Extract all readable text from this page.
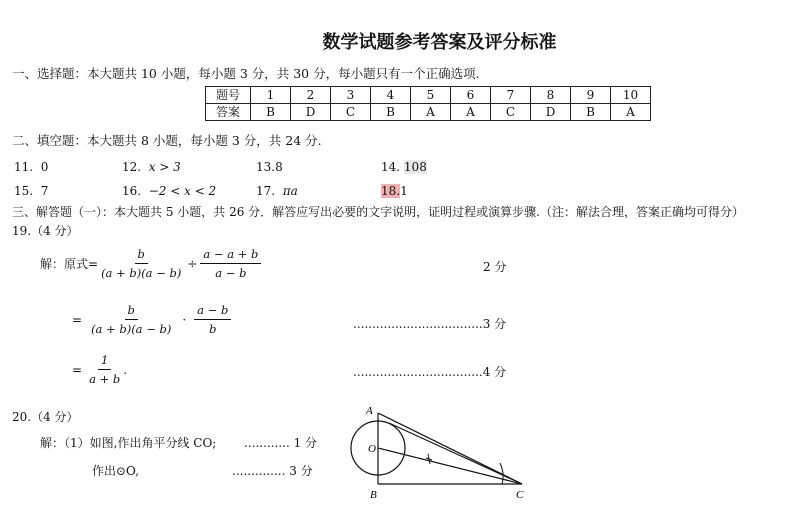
数学试题参考答案及评分标准
一、选择题：本大题共 10 小题，每小题 3 分，共 30 分，每小题只有一个正确选项.
题号	1	2	3	4	5	6	7	8	9	10
答案	B	D	C	B	A	A	C	D	B	A
二、填空题：本大题共 8 小题，每小题 3 分，共 24 分.
11. 0	12. x > 3	13.8	14. 108
15. 7	16. −2 < x < 2	17. πa	18.1
三、解答题（一）：本大题共 5 小题，共 26 分．解答应写出必要的文字说明，证明过程或演算步骤.（注：解法合理，答案正确均可得分）
19.（4 分）
解：原式= $\frac{b}{(a + b)(a - b)} \div \frac{a - a + b}{a - b}$	2 分
= $\frac{b}{(a + b)(a - b)} \cdot \frac{a - b}{b}$	..................................3 分
= $\frac{1}{a + b}$ .	..................................4 分
20.（4 分）
解：（1）如图,作出角平分线 CO; ............ 1 分
作出⊙O,	.............. 3 分
A
O
B	C
